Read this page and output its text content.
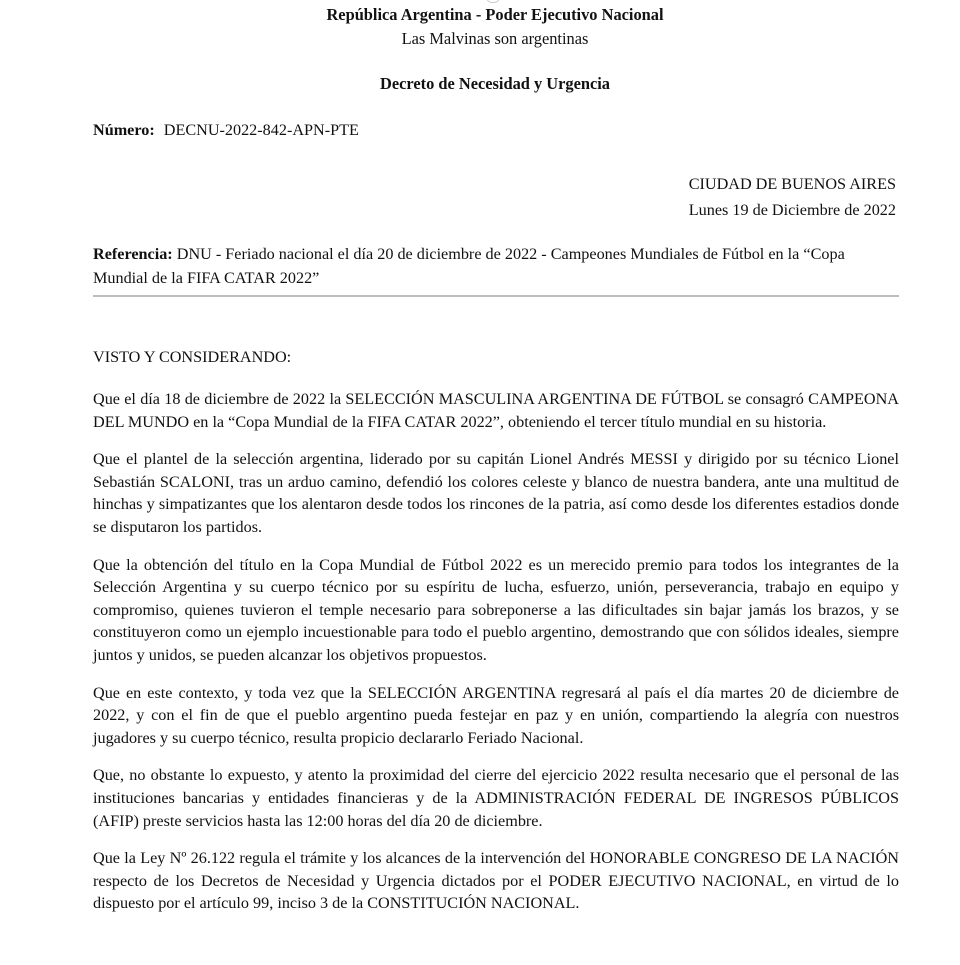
República Argentina - Poder Ejecutivo Nacional
Las Malvinas son argentinas
Decreto de Necesidad y Urgencia
Número: DECNU-2022-842-APN-PTE
CIUDAD DE BUENOS AIRES
Lunes 19 de Diciembre de 2022
Referencia: DNU - Feriado nacional el día 20 de diciembre de 2022 - Campeones Mundiales de Fútbol en la “Copa Mundial de la FIFA CATAR 2022”
VISTO Y CONSIDERANDO:

Que el día 18 de diciembre de 2022 la SELECCIÓN MASCULINA ARGENTINA DE FÚTBOL se consagró CAMPEONA DEL MUNDO en la “Copa Mundial de la FIFA CATAR 2022”, obteniendo el tercer título mundial en su historia.

Que el plantel de la selección argentina, liderado por su capitán Lionel Andrés MESSI y dirigido por su técnico Lionel Sebastián SCALONI, tras un arduo camino, defendió los colores celeste y blanco de nuestra bandera, ante una multitud de hinchas y simpatizantes que los alentaron desde todos los rincones de la patria, así como desde los diferentes estadios donde se disputaron los partidos.

Que la obtención del título en la Copa Mundial de Fútbol 2022 es un merecido premio para todos los integrantes de la Selección Argentina y su cuerpo técnico por su espíritu de lucha, esfuerzo, unión, perseverancia, trabajo en equipo y compromiso, quienes tuvieron el temple necesario para sobreponerse a las dificultades sin bajar jamás los brazos, y se constituyeron como un ejemplo incuestionable para todo el pueblo argentino, demostrando que con sólidos ideales, siempre juntos y unidos, se pueden alcanzar los objetivos propuestos.

Que en este contexto, y toda vez que la SELECCIÓN ARGENTINA regresará al país el día martes 20 de diciembre de 2022, y con el fin de que el pueblo argentino pueda festejar en paz y en unión, compartiendo la alegría con nuestros jugadores y su cuerpo técnico, resulta propicio declararlo Feriado Nacional.

Que, no obstante lo expuesto, y atento la proximidad del cierre del ejercicio 2022 resulta necesario que el personal de las instituciones bancarias y entidades financieras y de la ADMINISTRACIÓN FEDERAL DE INGRESOS PÚBLICOS (AFIP) preste servicios hasta las 12:00 horas del día 20 de diciembre.

Que la Ley Nº 26.122 regula el trámite y los alcances de la intervención del HONORABLE CONGRESO DE LA NACIÓN respecto de los Decretos de Necesidad y Urgencia dictados por el PODER EJECUTIVO NACIONAL, en virtud de lo dispuesto por el artículo 99, inciso 3 de la CONSTITUCIÓN NACIONAL.
